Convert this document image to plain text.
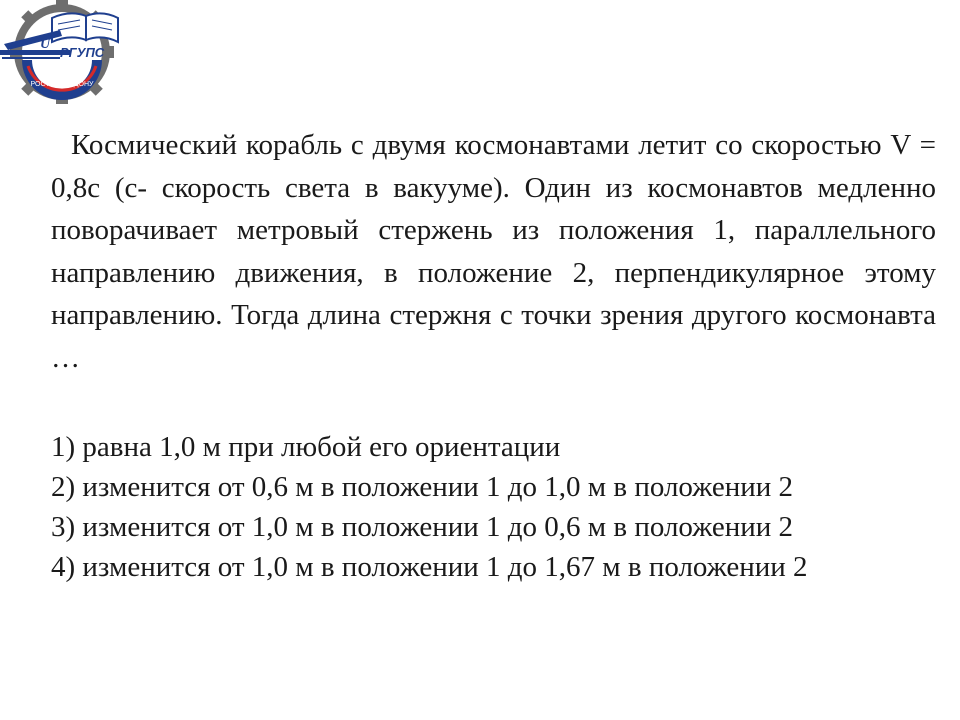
U
РОСТОВ-НА-ДОНУ
РГУПС

Космический корабль с двумя космонавтами летит со скоростью V = 0,8c (c- скорость света в вакууме). Один из космонавтов медленно поворачивает метровый стержень из положения 1, параллельного направлению движения, в положение 2, перпендикулярное этому направлению. Тогда длина стержня с точки зрения другого космонавта …

1) равна 1,0 м при любой его ориентации
2) изменится от 0,6 м в положении 1 до 1,0 м в положении 2
3) изменится от 1,0 м в положении 1 до 0,6 м в положении 2
4) изменится от 1,0 м в положении 1 до 1,67 м в положении 2
